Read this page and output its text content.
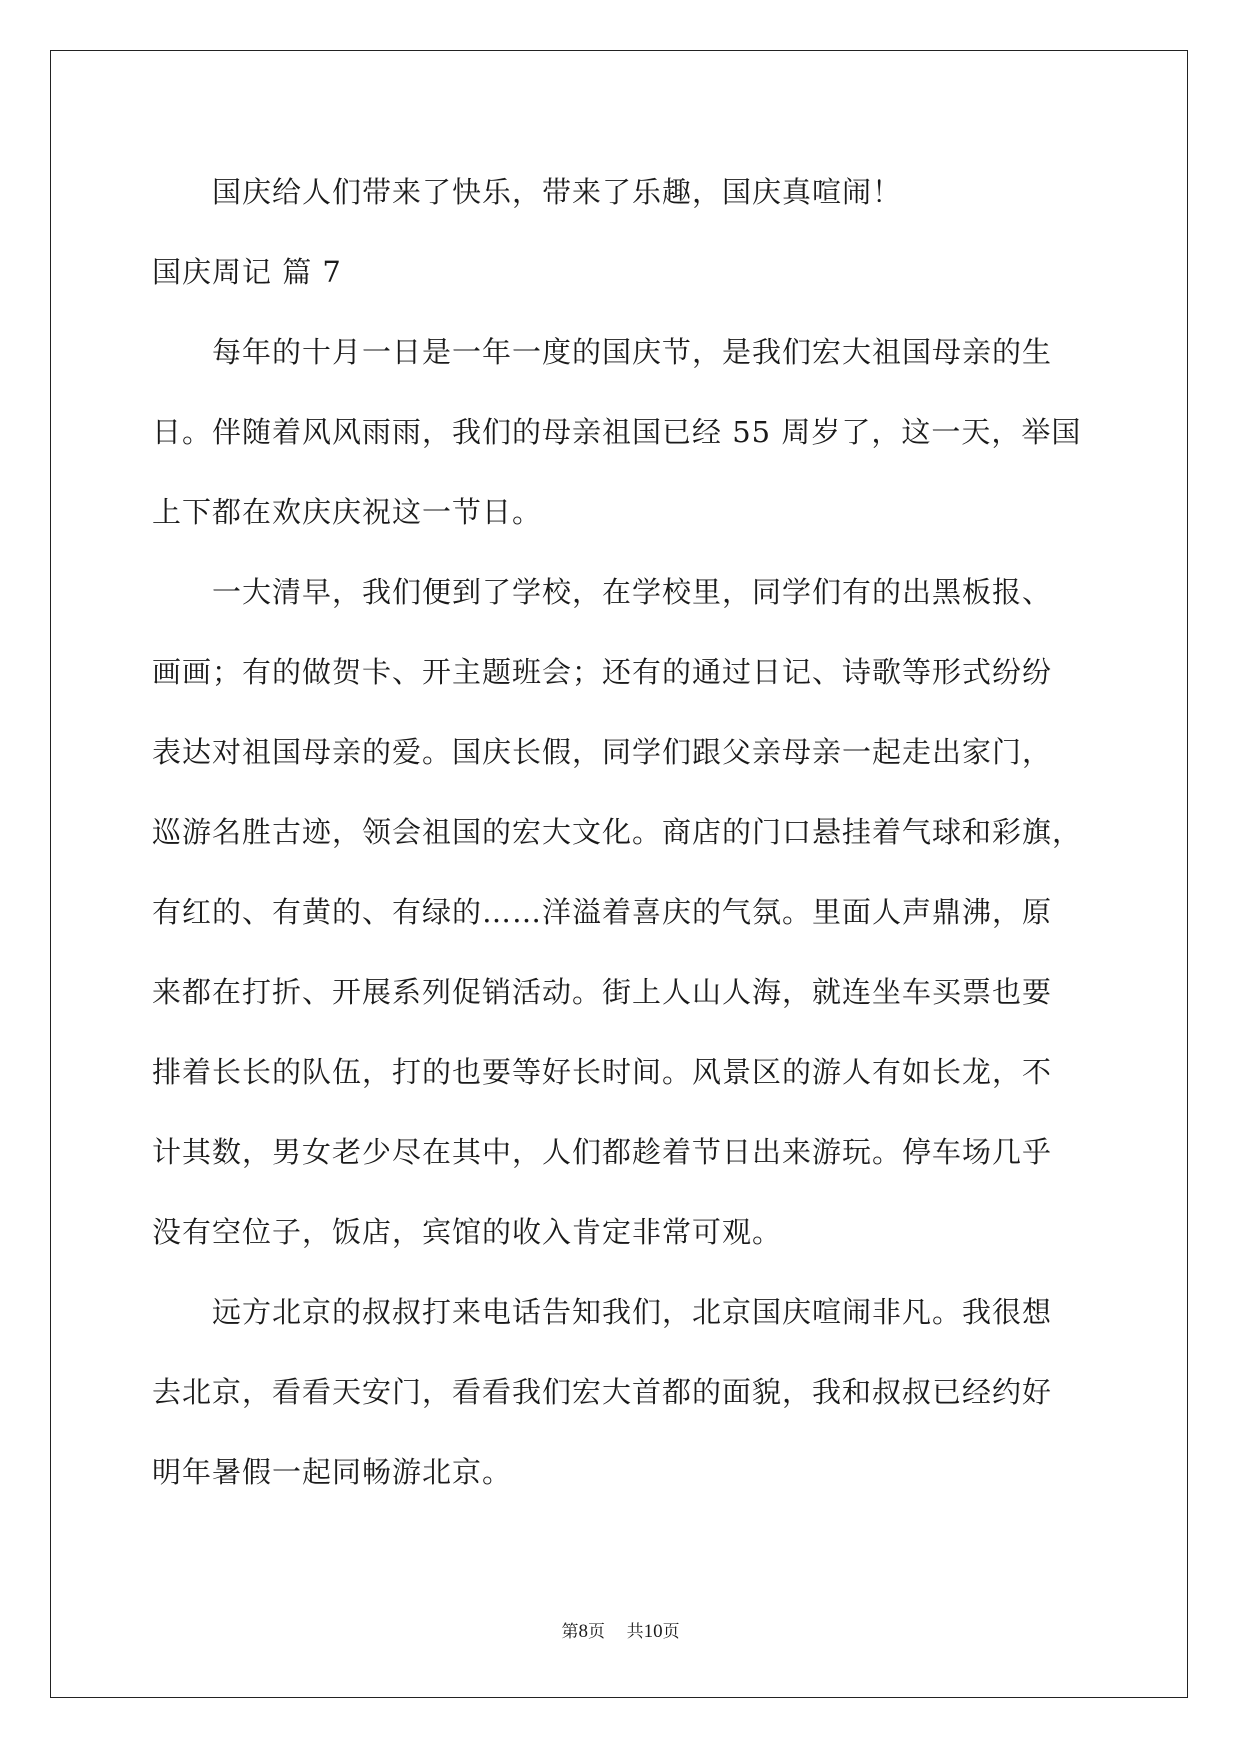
国庆给人们带来了快乐，带来了乐趣，国庆真喧闹！
国庆周记 篇 7
每年的十月一日是一年一度的国庆节，是我们宏大祖国母亲的生
日。伴随着风风雨雨，我们的母亲祖国已经 55 周岁了，这一天，举国
上下都在欢庆庆祝这一节日。
一大清早，我们便到了学校，在学校里，同学们有的出黑板报、
画画；有的做贺卡、开主题班会；还有的通过日记、诗歌等形式纷纷
表达对祖国母亲的爱。国庆长假，同学们跟父亲母亲一起走出家门，
巡游名胜古迹，领会祖国的宏大文化。商店的门口悬挂着气球和彩旗，
有红的、有黄的、有绿的……洋溢着喜庆的气氛。里面人声鼎沸，原
来都在打折、开展系列促销活动。街上人山人海，就连坐车买票也要
排着长长的队伍，打的也要等好长时间。风景区的游人有如长龙，不
计其数，男女老少尽在其中，人们都趁着节日出来游玩。停车场几乎
没有空位子，饭店，宾馆的收入肯定非常可观。
远方北京的叔叔打来电话告知我们，北京国庆喧闹非凡。我很想
去北京，看看天安门，看看我们宏大首都的面貌，我和叔叔已经约好
明年暑假一起同畅游北京。
第8页 共10页
